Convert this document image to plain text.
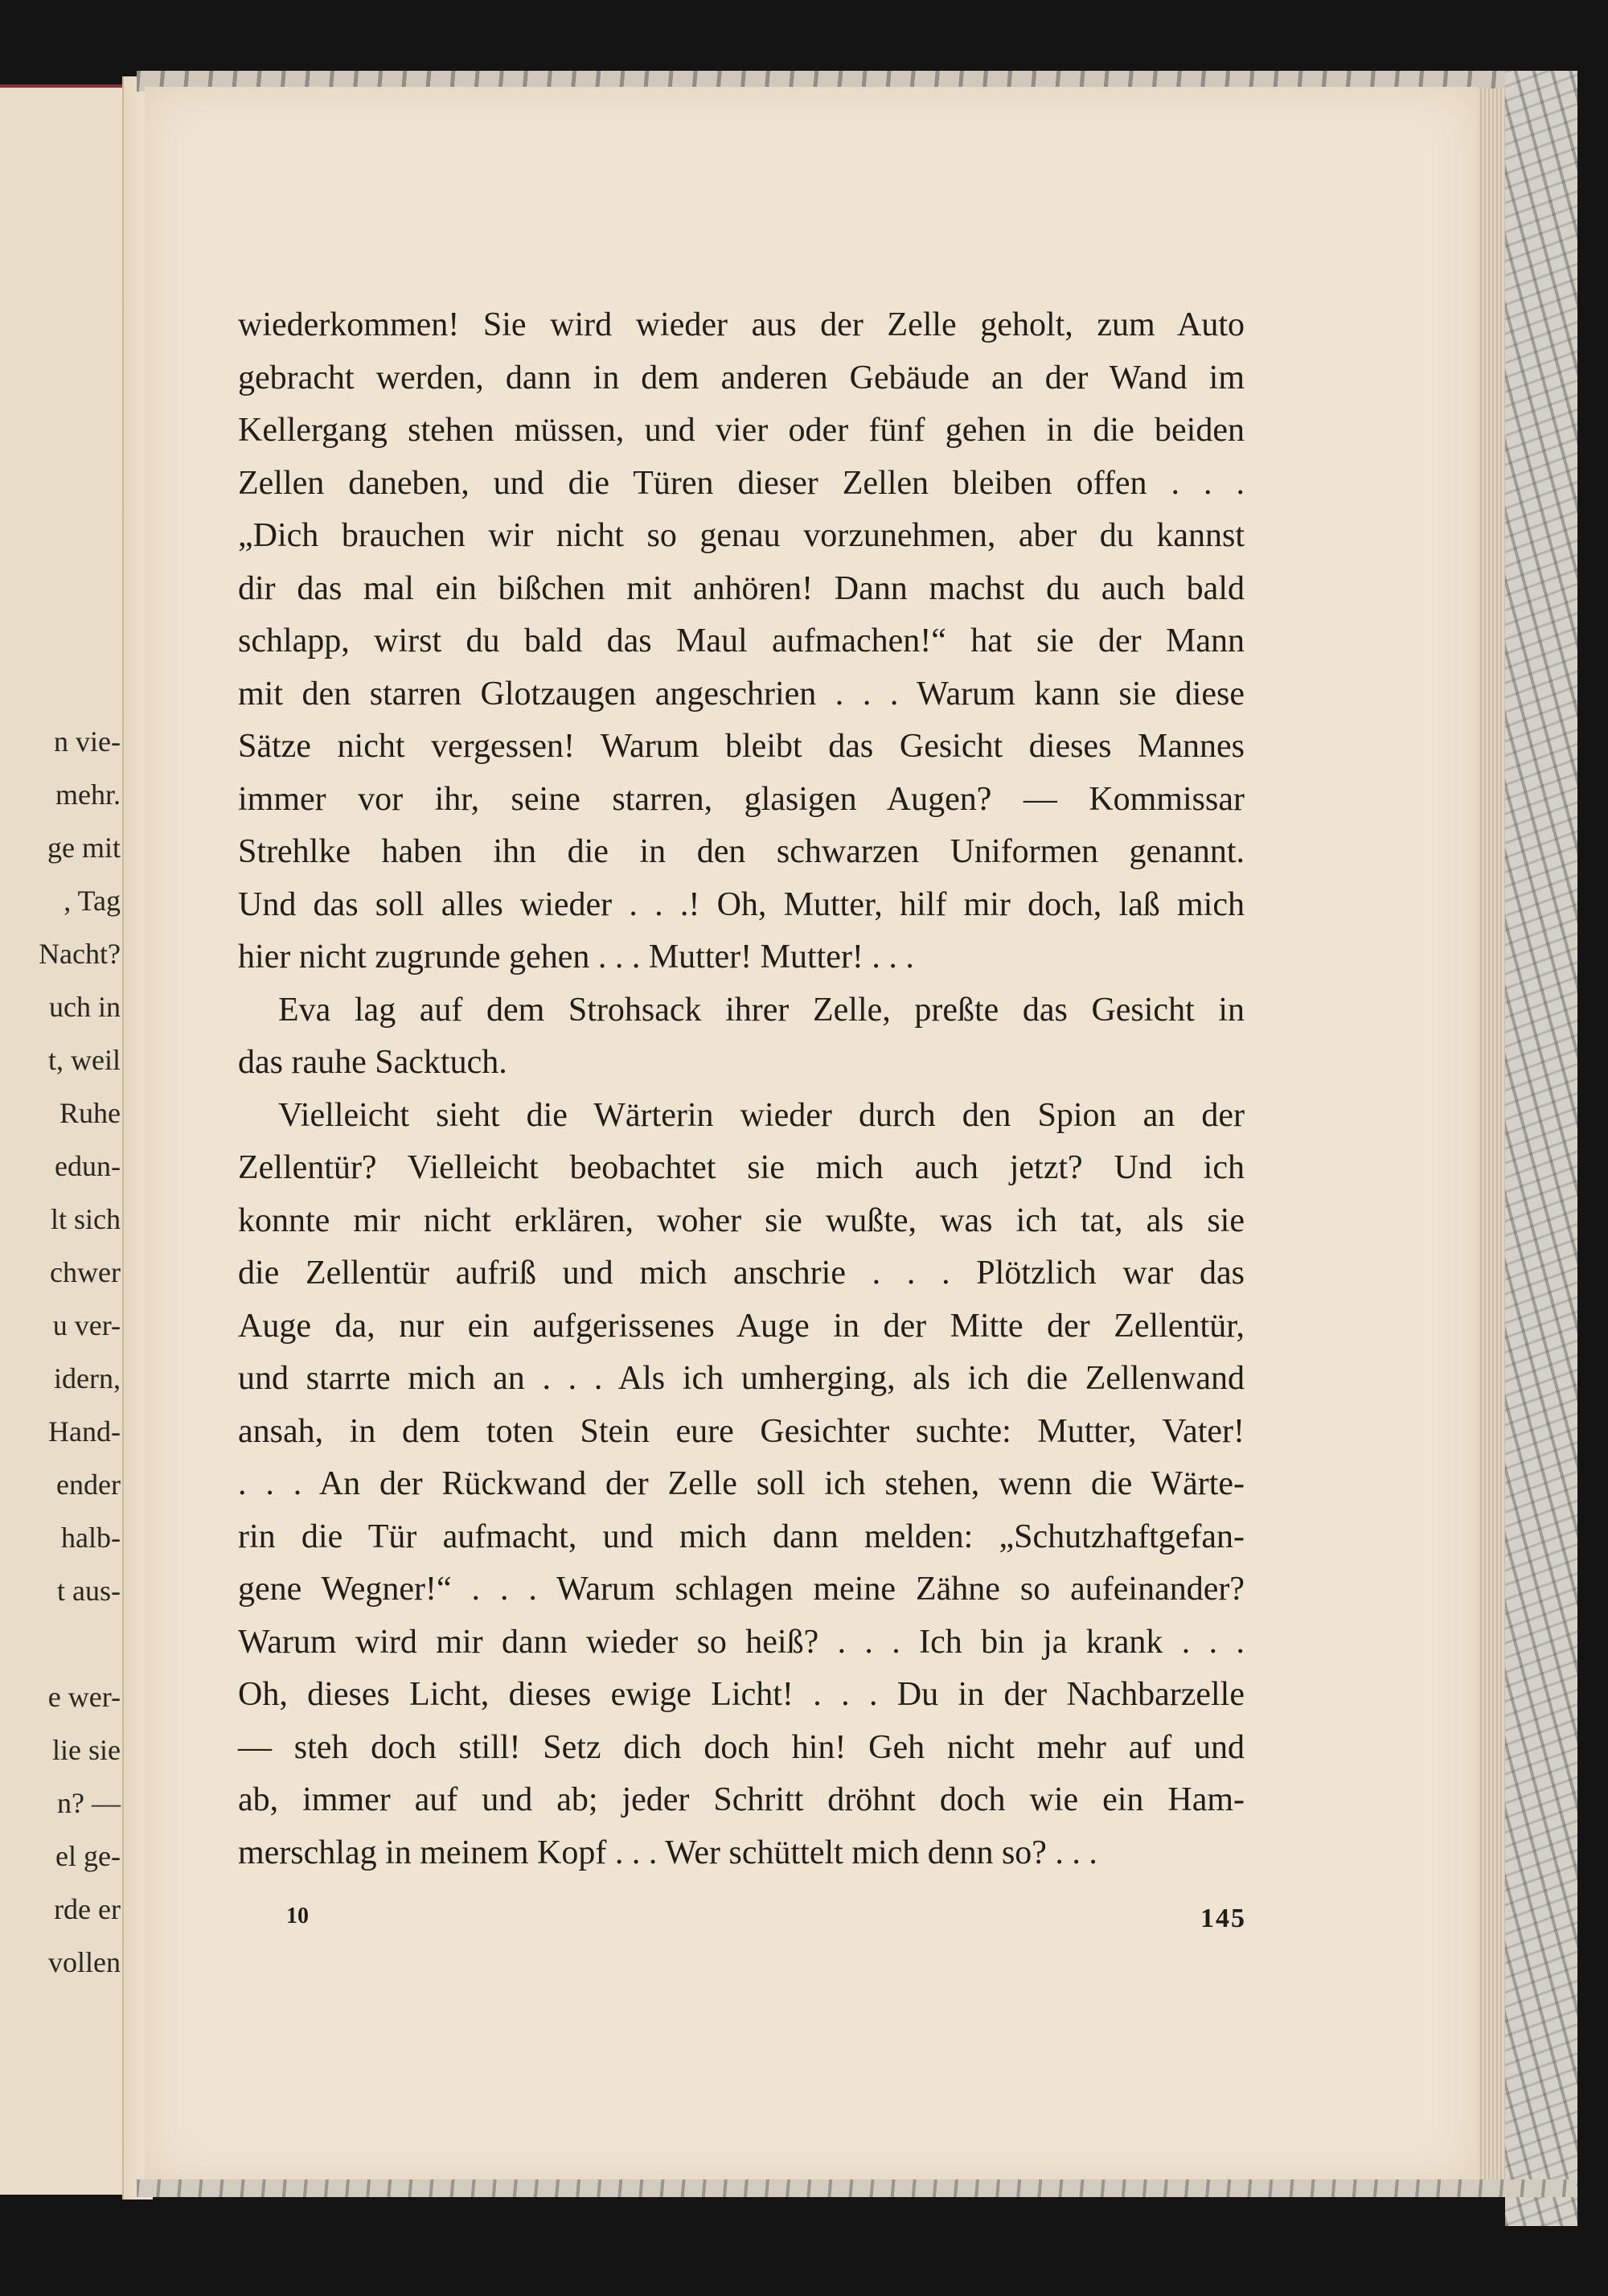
n vie-
mehr.
ge mit
, Tag
Nacht?
uch in
t, weil
Ruhe
edun-
lt sich
chwer
u ver-
idern,
Hand-
ender
halb-
t aus-
e wer-
lie sie
n? —
el ge-
rde er
vollen
wiederkommen! Sie wird wieder aus der Zelle geholt, zum Auto
gebracht werden, dann in dem anderen Gebäude an der Wand im
Kellergang stehen müssen, und vier oder fünf gehen in die beiden
Zellen daneben, und die Türen dieser Zellen bleiben offen . . .
„Dich brauchen wir nicht so genau vorzunehmen, aber du kannst
dir das mal ein bißchen mit anhören! Dann machst du auch bald
schlapp, wirst du bald das Maul aufmachen!“ hat sie der Mann
mit den starren Glotzaugen angeschrien . . . Warum kann sie diese
Sätze nicht vergessen! Warum bleibt das Gesicht dieses Mannes
immer vor ihr, seine starren, glasigen Augen? — Kommissar
Strehlke haben ihn die in den schwarzen Uniformen genannt.
Und das soll alles wieder . . .! Oh, Mutter, hilf mir doch, laß mich
hier nicht zugrunde gehen . . . Mutter! Mutter! . . .
Eva lag auf dem Strohsack ihrer Zelle, preßte das Gesicht in
das rauhe Sacktuch.
Vielleicht sieht die Wärterin wieder durch den Spion an der
Zellentür? Vielleicht beobachtet sie mich auch jetzt? Und ich
konnte mir nicht erklären, woher sie wußte, was ich tat, als sie
die Zellentür aufriß und mich anschrie . . . Plötzlich war das
Auge da, nur ein aufgerissenes Auge in der Mitte der Zellentür,
und starrte mich an . . . Als ich umherging, als ich die Zellenwand
ansah, in dem toten Stein eure Gesichter suchte: Mutter, Vater!
. . . An der Rückwand der Zelle soll ich stehen, wenn die Wärte-
rin die Tür aufmacht, und mich dann melden: „Schutzhaftgefan-
gene Wegner!“ . . . Warum schlagen meine Zähne so aufeinander?
Warum wird mir dann wieder so heiß? . . . Ich bin ja krank . . .
Oh, dieses Licht, dieses ewige Licht! . . . Du in der Nachbarzelle
— steh doch still! Setz dich doch hin! Geh nicht mehr auf und
ab, immer auf und ab; jeder Schritt dröhnt doch wie ein Ham-
merschlag in meinem Kopf . . . Wer schüttelt mich denn so? . . .
10	145
